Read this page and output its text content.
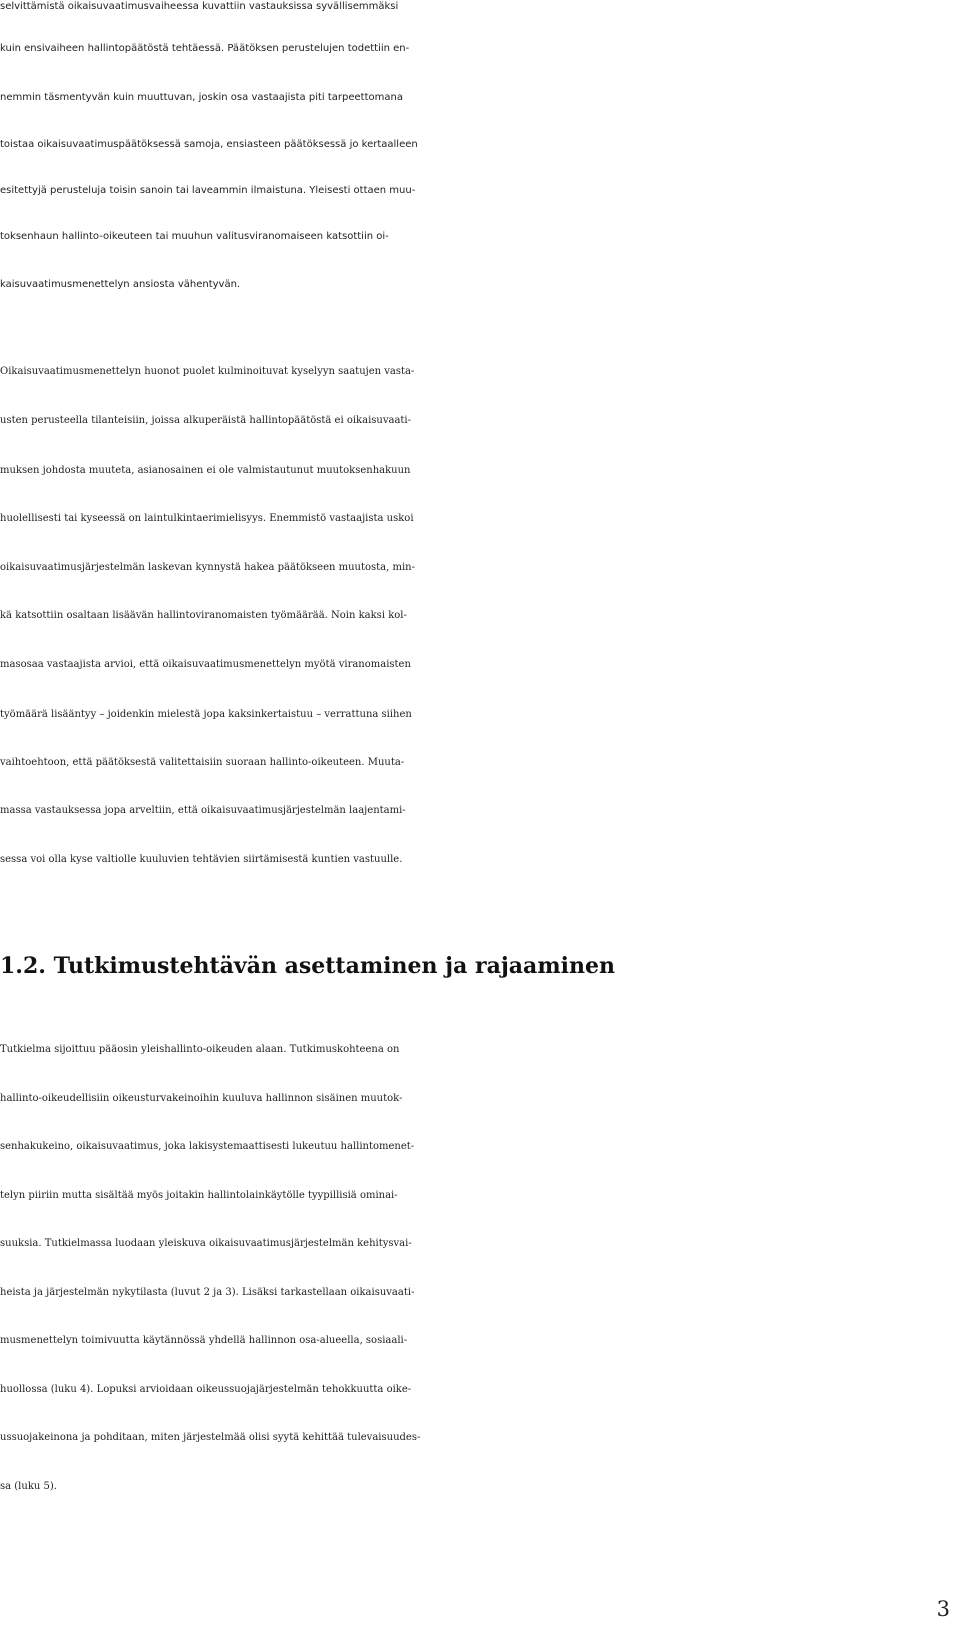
selvittämistä oikaisuvaatimusvaiheessa kuvattiin vastauksissa syvällisemmäksi
kuin ensivaiheen hallintopäätöstä tehtäessä. Päätöksen perustelujen todettiin en-
nemmin täsmentyvän kuin muuttuvan, joskin osa vastaajista piti tarpeettomana
toistaa oikaisuvaatimuspäätöksessä samoja, ensiasteen päätöksessä jo kertaalleen
esitettyjä perusteluja toisin sanoin tai laveammin ilmaistuna. Yleisesti ottaen muu-
toksenhaun hallinto-oikeuteen tai muuhun valitusviranomaiseen katsottiin oi-
kaisuvaatimusmenettelyn ansiosta vähentyvän.
Oikaisuvaatimusmenettelyn huonot puolet kulminoituvat kyselyyn saatujen vasta-
usten perusteella tilanteisiin, joissa alkuperäistä hallintopäätöstä ei oikaisuvaati-
muksen johdosta muuteta, asianosainen ei ole valmistautunut muutoksenhakuun
huolellisesti tai kyseessä on laintulkintaerimielisyys. Enemmistö vastaajista uskoi
oikaisuvaatimusjärjestelmän laskevan kynnystä hakea päätökseen muutosta, min-
kä katsottiin osaltaan lisäävän hallintoviranomaisten työmäärää. Noin kaksi kol-
masosaa vastaajista arvioi, että oikaisuvaatimusmenettelyn myötä viranomaisten
työmäärä lisääntyy – joidenkin mielestä jopa kaksinkertaistuu – verrattuna siihen
vaihtoehtoon, että päätöksestä valitettaisiin suoraan hallinto-oikeuteen. Muuta-
massa vastauksessa jopa arveltiin, että oikaisuvaatimusjärjestelmän laajentami-
sessa voi olla kyse valtiolle kuuluvien tehtävien siirtämisestä kuntien vastuulle.
1.2. Tutkimustehtävän asettaminen ja rajaaminen
Tutkielma sijoittuu pääosin yleishallinto-oikeuden alaan. Tutkimuskohteena on
hallinto-oikeudellisiin oikeusturvakeinoihin kuuluva hallinnon sisäinen muutok-
senhakukeino, oikaisuvaatimus, joka lakisystemaattisesti lukeutuu hallintomenet-
telyn piiriin mutta sisältää myös joitakin hallintolainkäytölle tyypillisiä ominai-
suuksia. Tutkielmassa luodaan yleiskuva oikaisuvaatimusjärjestelmän kehitysvai-
heista ja järjestelmän nykytilasta (luvut 2 ja 3). Lisäksi tarkastellaan oikaisuvaati-
musmenettelyn toimivuutta käytännössä yhdellä hallinnon osa-alueella, sosiaali-
huollossa (luku 4). Lopuksi arvioidaan oikeussuojajärjestelmän tehokkuutta oike-
ussuojakeinona ja pohditaan, miten järjestelmää olisi syytä kehittää tulevaisuudes-
sa (luku 5).
3
